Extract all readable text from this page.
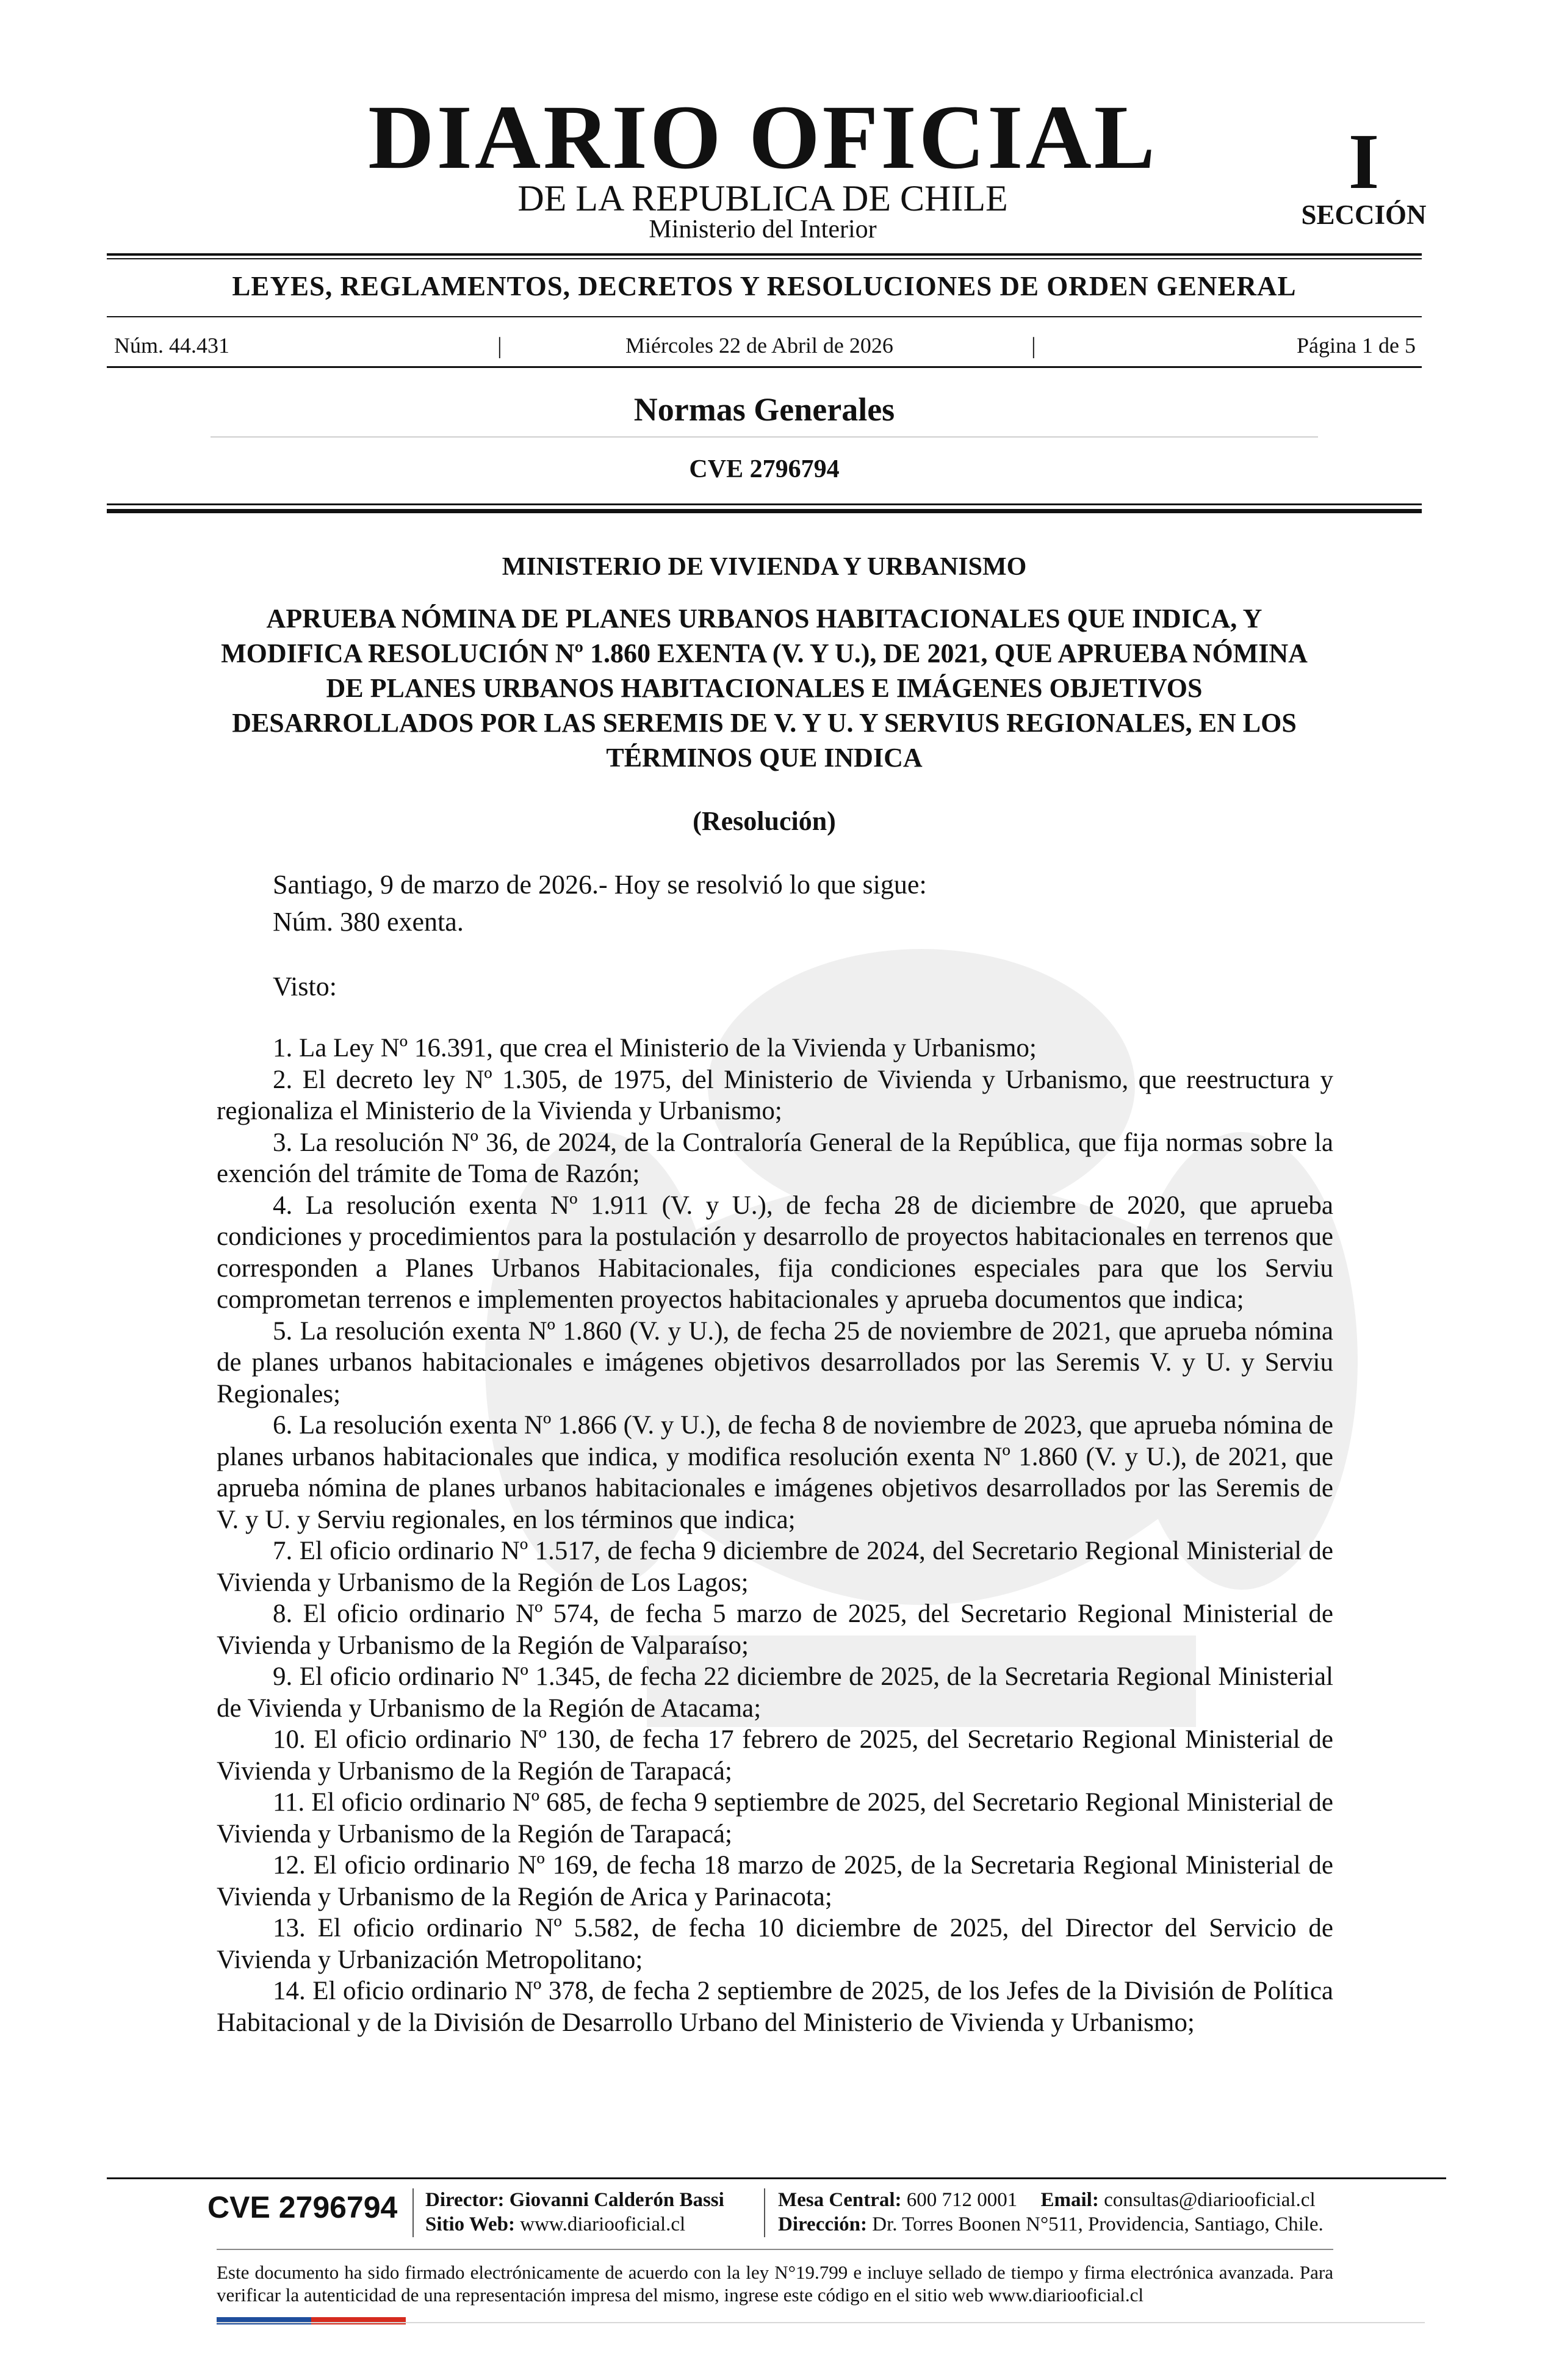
DIARIO OFICIAL
DE LA REPUBLICA DE CHILE
Ministerio del Interior
I
SECCIÓN
LEYES, REGLAMENTOS, DECRETOS Y RESOLUCIONES DE ORDEN GENERAL
Núm. 44.431	|	Miércoles 22 de Abril de 2026	|	Página 1 de 5
Normas Generales
CVE 2796794
MINISTERIO DE VIVIENDA Y URBANISMO
APRUEBA NÓMINA DE PLANES URBANOS HABITACIONALES QUE INDICA, Y MODIFICA RESOLUCIÓN Nº 1.860 EXENTA (V. Y U.), DE 2021, QUE APRUEBA NÓMINA DE PLANES URBANOS HABITACIONALES E IMÁGENES OBJETIVOS DESARROLLADOS POR LAS SEREMIS DE V. Y U. Y SERVIUS REGIONALES, EN LOS TÉRMINOS QUE INDICA
(Resolución)
Santiago, 9 de marzo de 2026.- Hoy se resolvió lo que sigue:
Núm. 380 exenta.
Visto:

1. La Ley Nº 16.391, que crea el Ministerio de la Vivienda y Urbanismo;

2. El decreto ley Nº 1.305, de 1975, del Ministerio de Vivienda y Urbanismo, que reestructura y regionaliza el Ministerio de la Vivienda y Urbanismo;

3. La resolución Nº 36, de 2024, de la Contraloría General de la República, que fija normas sobre la exención del trámite de Toma de Razón;

4. La resolución exenta Nº 1.911 (V. y U.), de fecha 28 de diciembre de 2020, que aprueba condiciones y procedimientos para la postulación y desarrollo de proyectos habitacionales en terrenos que corresponden a Planes Urbanos Habitacionales, fija condiciones especiales para que los Serviu comprometan terrenos e implementen proyectos habitacionales y aprueba documentos que indica;

5. La resolución exenta Nº 1.860 (V. y U.), de fecha 25 de noviembre de 2021, que aprueba nómina de planes urbanos habitacionales e imágenes objetivos desarrollados por las Seremis V. y U. y Serviu Regionales;

6. La resolución exenta Nº 1.866 (V. y U.), de fecha 8 de noviembre de 2023, que aprueba nómina de planes urbanos habitacionales que indica, y modifica resolución exenta Nº 1.860 (V. y U.), de 2021, que aprueba nómina de planes urbanos habitacionales e imágenes objetivos desarrollados por las Seremis de V. y U. y Serviu regionales, en los términos que indica;

7. El oficio ordinario Nº 1.517, de fecha 9 diciembre de 2024, del Secretario Regional Ministerial de Vivienda y Urbanismo de la Región de Los Lagos;

8. El oficio ordinario Nº 574, de fecha 5 marzo de 2025, del Secretario Regional Ministerial de Vivienda y Urbanismo de la Región de Valparaíso;

9. El oficio ordinario Nº 1.345, de fecha 22 diciembre de 2025, de la Secretaria Regional Ministerial de Vivienda y Urbanismo de la Región de Atacama;

10. El oficio ordinario Nº 130, de fecha 17 febrero de 2025, del Secretario Regional Ministerial de Vivienda y Urbanismo de la Región de Tarapacá;

11. El oficio ordinario Nº 685, de fecha 9 septiembre de 2025, del Secretario Regional Ministerial de Vivienda y Urbanismo de la Región de Tarapacá;

12. El oficio ordinario Nº 169, de fecha 18 marzo de 2025, de la Secretaria Regional Ministerial de Vivienda y Urbanismo de la Región de Arica y Parinacota;

13. El oficio ordinario Nº 5.582, de fecha 10 diciembre de 2025, del Director del Servicio de Vivienda y Urbanización Metropolitano;

14. El oficio ordinario Nº 378, de fecha 2 septiembre de 2025, de los Jefes de la División de Política Habitacional y de la División de Desarrollo Urbano del Ministerio de Vivienda y Urbanismo;

CVE 2796794 Director: Giovanni Calderón Bassi
Sitio Web: www.diariooficial.cl
Mesa Central: 600 712 0001 Email: consultas@diariooficial.cl
Dirección: Dr. Torres Boonen N°511, Providencia, Santiago, Chile.
Este documento ha sido firmado electrónicamente de acuerdo con la ley N°19.799 e incluye sellado de tiempo y firma electrónica avanzada. Para verificar la autenticidad de una representación impresa del mismo, ingrese este código en el sitio web www.diariooficial.cl
